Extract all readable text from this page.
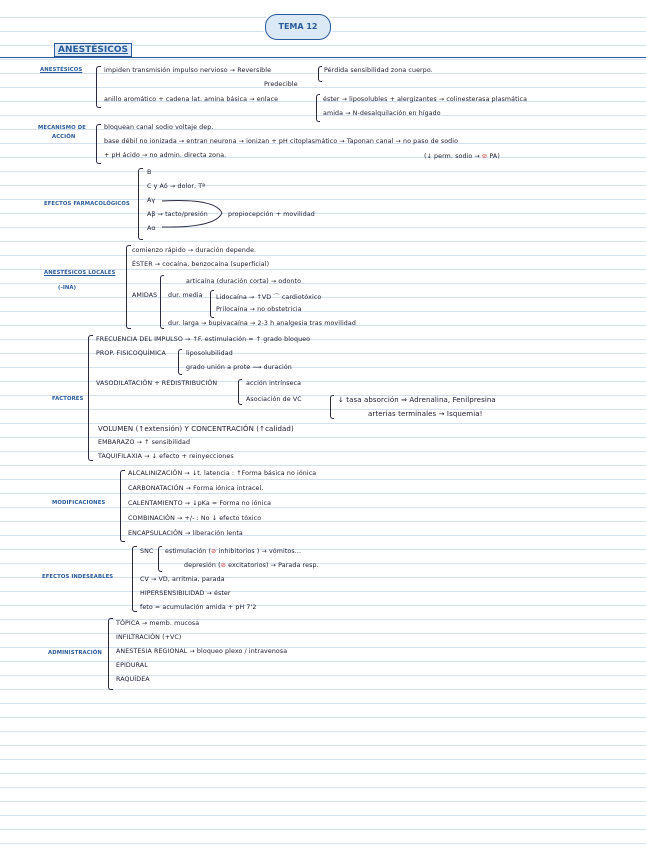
TEMA 12
ANESTÉSICOS
ANESTÉSICOS	impiden transmisión impulso nervioso → Reversible	Pérdida sensibilidad zona cuerpo.
Predecible
anillo aromático + cadena lat. amina básica → enlace	éster → liposolubles + alergizantes → colinesterasa plasmática
amida → N-desalquilación en hígado
MECANISMO DE
ACCIÓN
bloquean canal sodio voltaje dep.
base débil no ionizada → entran neurona → ionizan + pH citoplasmático → Taponan canal → no paso de sodio
+ pH ácido → no admin. directa zona.	(↓ perm. sodio → ⊘ PA)
EFECTOS FARMACOLÓGICOS
B
C y Aδ → dolor, Tª
Aγ
Aβ → tacto/presión
Aα
propiocepción + movilidad
ANESTÉSICOS LOCALES
(-INA)
comienzo rápido → duración depende.
ÉSTER → cocaína, benzocaína (superficial)
AMIDAS
articaína (duración corta) → odonto
dur. media Lidocaína → ↑VD ⌒ cardiotóxico
Prilocaína → no obstetricia
dur. larga → bupivacaína → 2-3 h analgesia tras movilidad
FACTORES
FRECUENCIA DEL IMPULSO → ↑F. estimulación = ↑ grado bloqueo
PROP. FISICOQUÍMICA	liposolubilidad
grado unión a prote ⟿ duración
VASODILATACIÓN + REDISTRIBUCIÓN	acción intrínseca
Asociación de VC	↓ tasa absorción ⇒ Adrenalina, Fenilpresina
arterias terminales → Isquemia!
VOLUMEN (↑extensión) Y CONCENTRACIÓN (↑calidad)
EMBARAZO → ↑ sensibilidad
TAQUIFILAXIA → ↓ efecto + reinyecciones
MODIFICACIONES
ALCALINIZACIÓN → ↓t. latencia : ↑Forma básica no iónica
CARBONATACIÓN → Forma iónica intracel.
CALENTAMIENTO → ↓pKa = Forma no iónica
COMBINACIÓN → +/- : No ↓ efecto tóxico
ENCAPSULACIÓN → liberación lenta
EFECTOS INDESEABLES
SNC estimulación (⊘ inhibitorios ) → vómitos...
depresión (⊘ excitatorios) → Parada resp.
CV → VD, arritmia, parada
HIPERSENSIBILIDAD → éster
feto = acumulación amida + pH 7'2
ADMINISTRACIÓN
TÓPICA → memb. mucosa
INFILTRACIÓN (+VC)
ANESTESIA REGIONAL → bloqueo plexo / intravenosa
EPIDURAL
RAQUÍDEA
